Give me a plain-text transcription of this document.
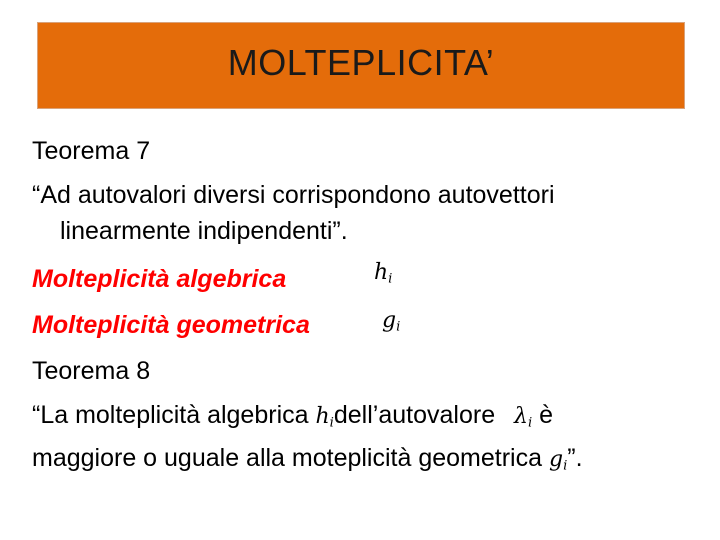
MOLTEPLICITA’
Teorema 7
“Ad autovalori diversi corrispondono autovettori
linearmente indipendenti”.
Molteplicità algebrica	$h_i$
Molteplicità geometrica	$g_i$
Teorema 8
“La molteplicità algebrica $h_idell’autovalore$ $\lambda_i$ è
maggiore o uguale alla moteplicità geometrica $g_i$”.
